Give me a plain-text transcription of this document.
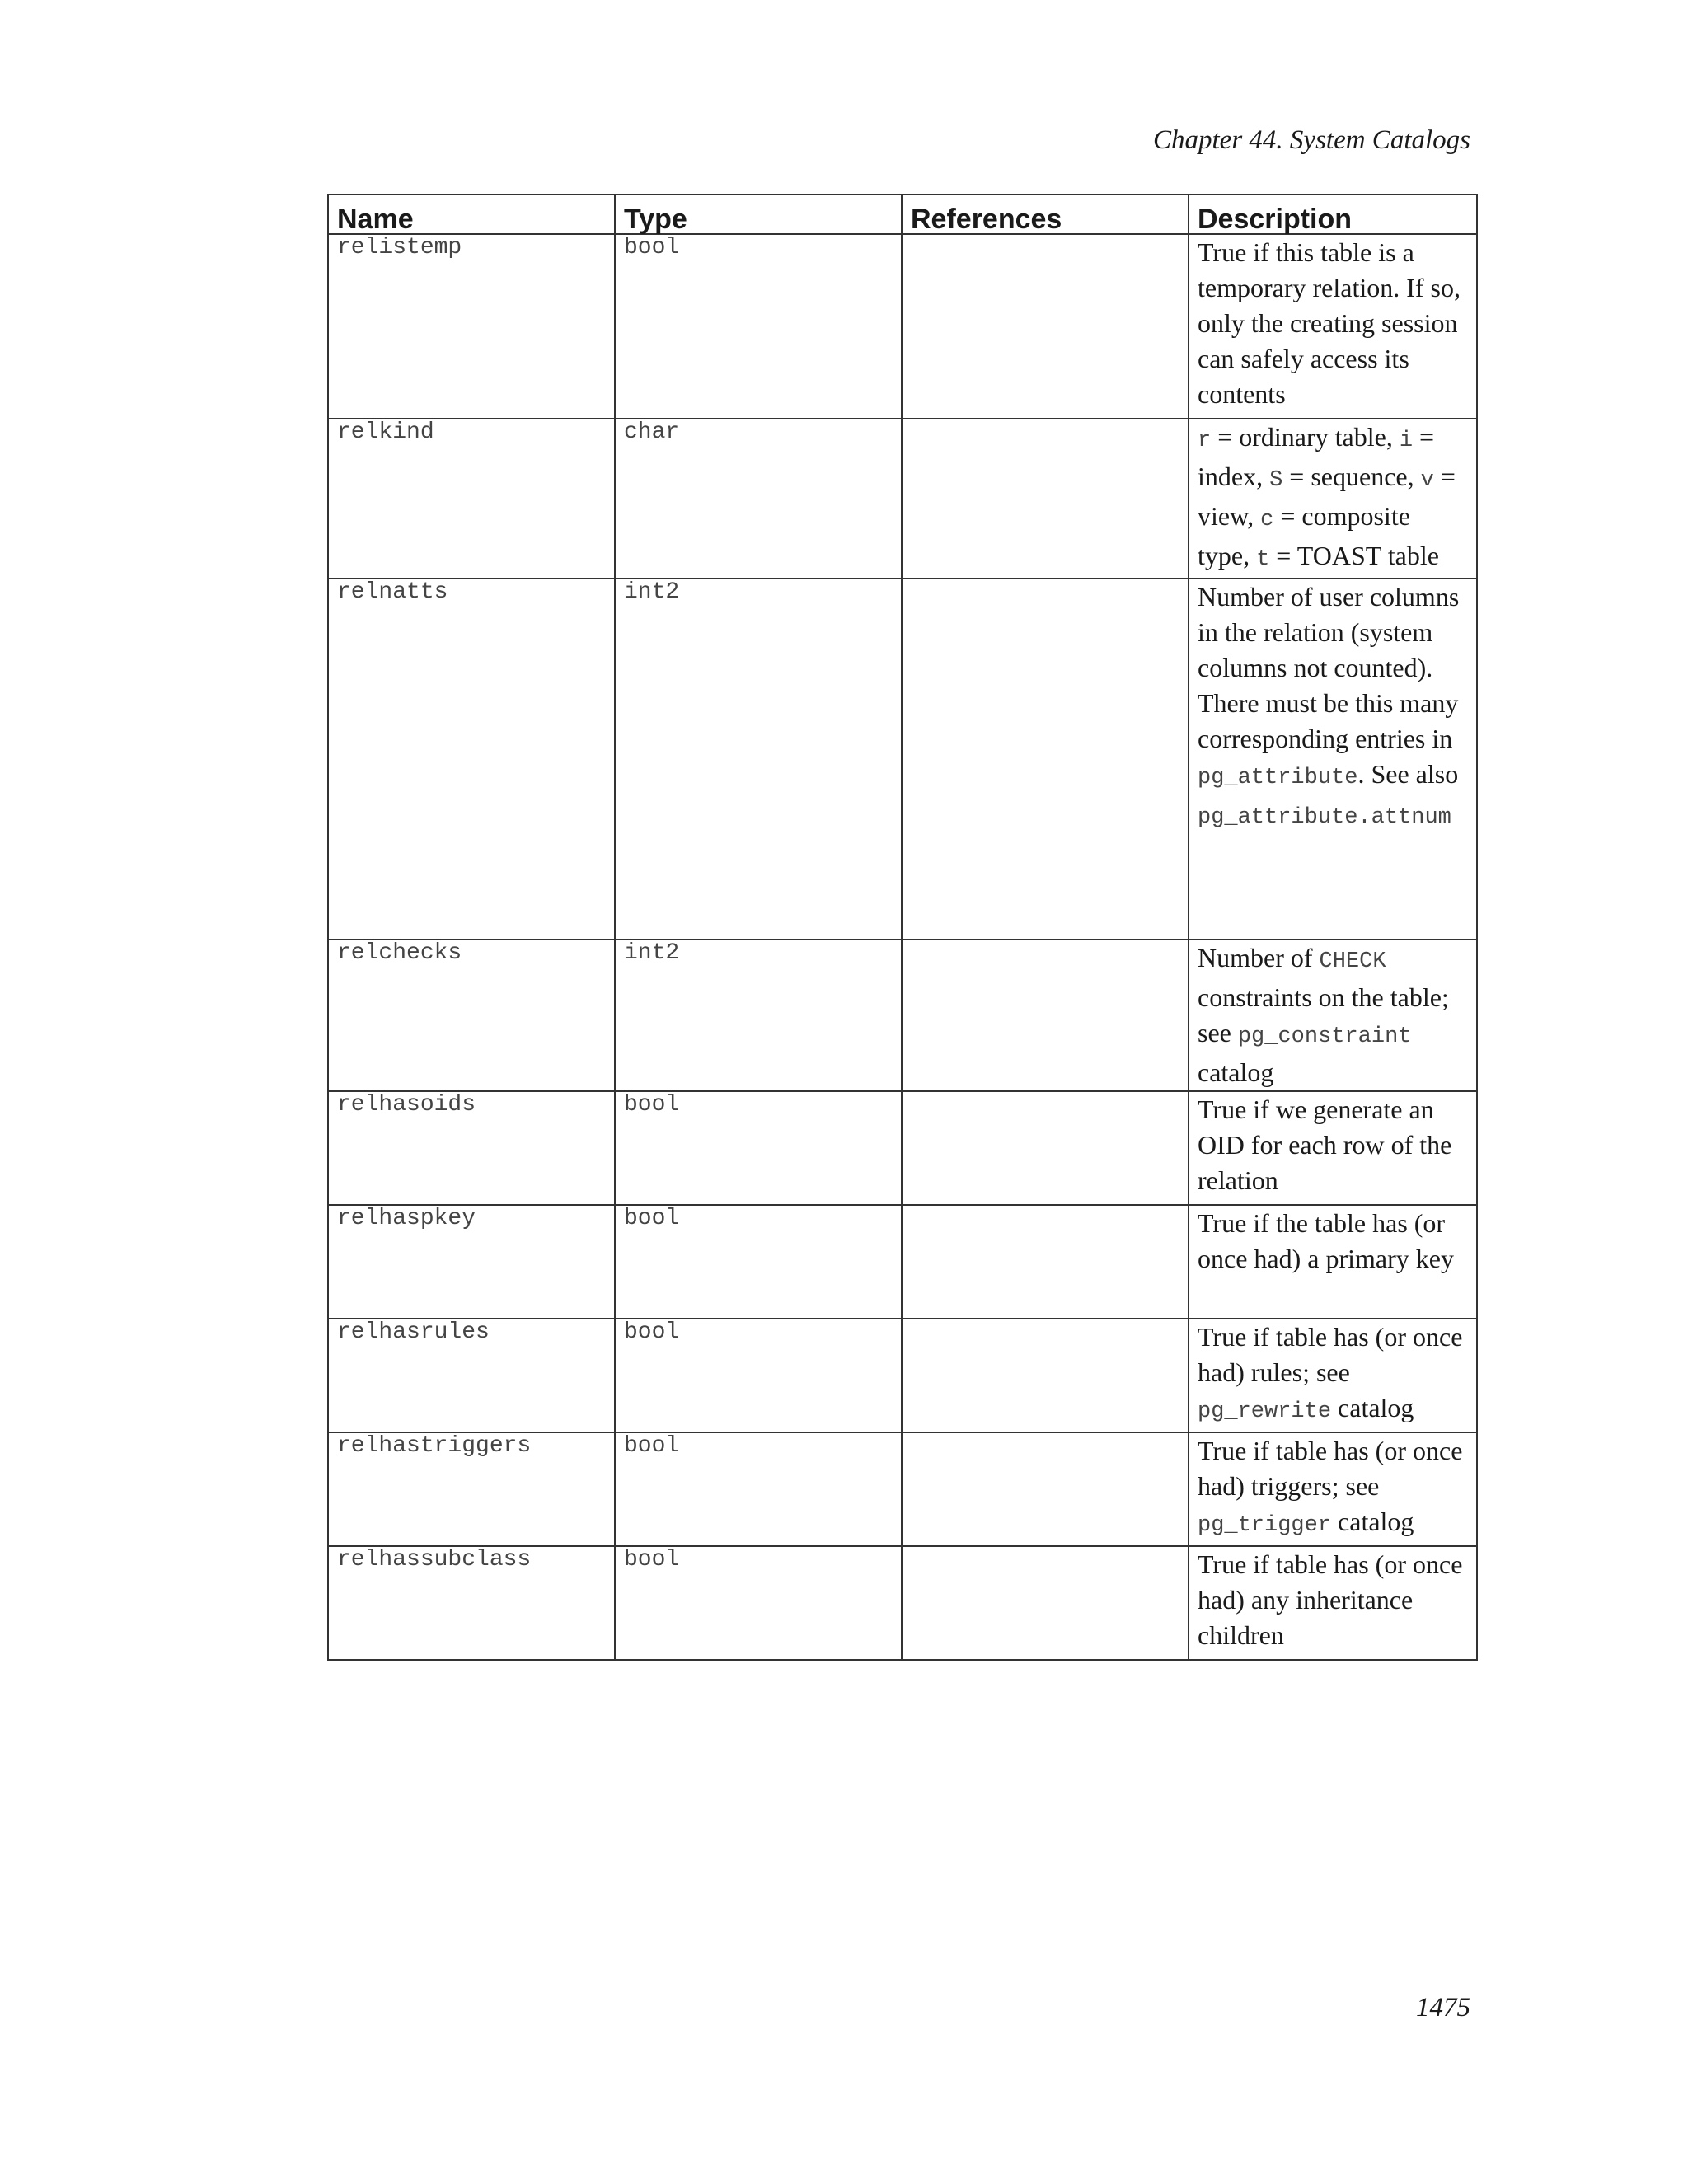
Chapter 44. System Catalogs
Name	Type	References	Description
relistemp	bool		True if this table is a temporary relation. If so, only the creating session can safely access its contents
relkind	char		r = ordinary table, i = index, S = sequence, v = view, c = composite type, t = TOAST table
relnatts	int2		Number of user columns in the relation (system columns not counted). There must be this many corresponding entries in pg_attribute. See also pg_attribute.attnum
relchecks	int2		Number of CHECK constraints on the table; see pg_constraint catalog
relhasoids	bool		True if we generate an OID for each row of the relation
relhaspkey	bool		True if the table has (or once had) a primary key
relhasrules	bool		True if table has (or once had) rules; see pg_rewrite catalog
relhastriggers	bool		True if table has (or once had) triggers; see pg_trigger catalog
relhassubclass	bool		True if table has (or once had) any inheritance children
1475
